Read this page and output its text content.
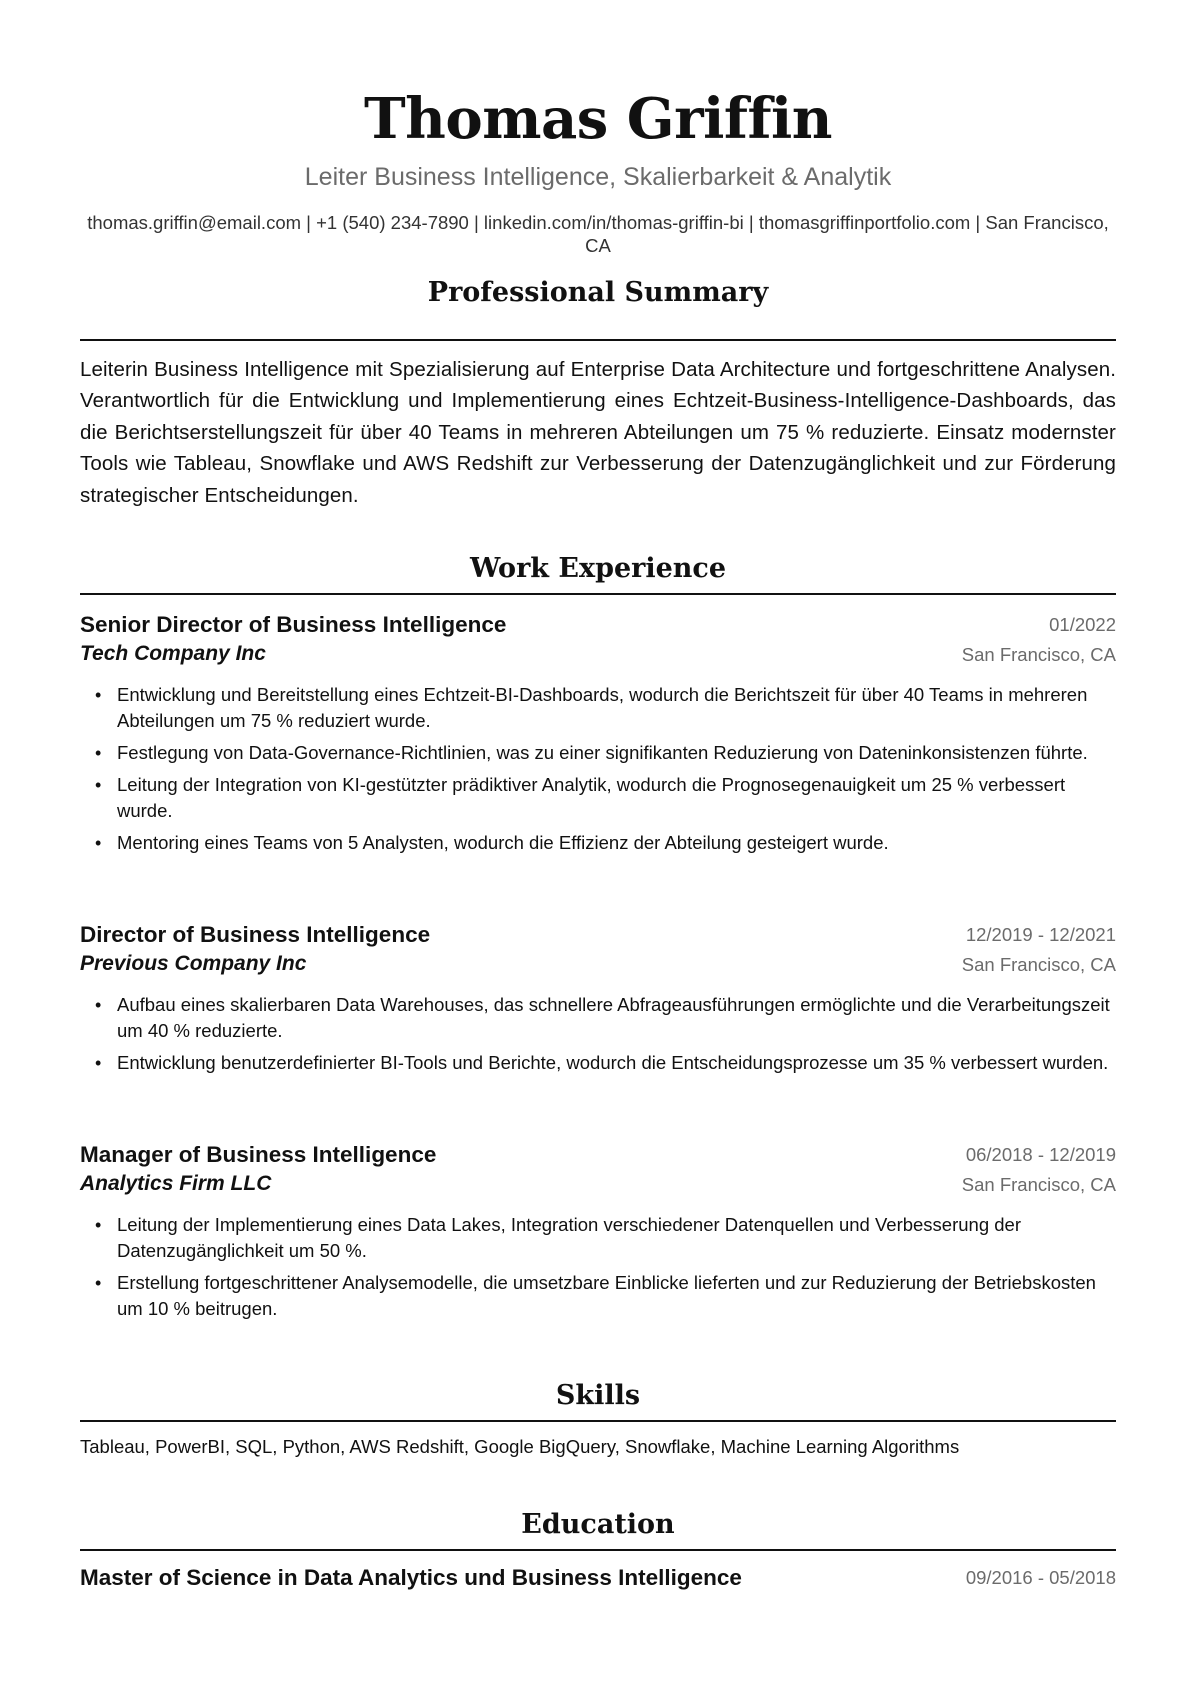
Thomas Griffin
Leiter Business Intelligence, Skalierbarkeit & Analytik
thomas.griffin@email.com | +1 (540) 234-7890 | linkedin.com/in/thomas-griffin-bi | thomasgriffinportfolio.com | San Francisco, CA
Professional Summary
Leiterin Business Intelligence mit Spezialisierung auf Enterprise Data Architecture und fortgeschrittene Analysen. Verantwortlich für die Entwicklung und Implementierung eines Echtzeit-Business-Intelligence-Dashboards, das die Berichtserstellungszeit für über 40 Teams in mehreren Abteilungen um 75 % reduzierte. Einsatz modernster Tools wie Tableau, Snowflake und AWS Redshift zur Verbesserung der Datenzugänglichkeit und zur Förderung strategischer Entscheidungen.
Work Experience
Senior Director of Business Intelligence
Tech Company Inc
01/2022
San Francisco, CA
• Entwicklung und Bereitstellung eines Echtzeit-BI-Dashboards, wodurch die Berichtszeit für über 40 Teams in mehreren Abteilungen um 75 % reduziert wurde.
• Festlegung von Data-Governance-Richtlinien, was zu einer signifikanten Reduzierung von Dateninkonsistenzen führte.
• Leitung der Integration von KI-gestützter prädiktiver Analytik, wodurch die Prognosegenauigkeit um 25 % verbessert wurde.
• Mentoring eines Teams von 5 Analysten, wodurch die Effizienz der Abteilung gesteigert wurde.
Director of Business Intelligence
Previous Company Inc
12/2019 - 12/2021
San Francisco, CA
• Aufbau eines skalierbaren Data Warehouses, das schnellere Abfrageausführungen ermöglichte und die Verarbeitungszeit um 40 % reduzierte.
• Entwicklung benutzerdefinierter BI-Tools und Berichte, wodurch die Entscheidungsprozesse um 35 % verbessert wurden.
Manager of Business Intelligence
Analytics Firm LLC
06/2018 - 12/2019
San Francisco, CA
• Leitung der Implementierung eines Data Lakes, Integration verschiedener Datenquellen und Verbesserung der Datenzugänglichkeit um 50 %.
• Erstellung fortgeschrittener Analysemodelle, die umsetzbare Einblicke lieferten und zur Reduzierung der Betriebskosten um 10 % beitrugen.
Skills
Tableau, PowerBI, SQL, Python, AWS Redshift, Google BigQuery, Snowflake, Machine Learning Algorithms
Education
Master of Science in Data Analytics und Business Intelligence	09/2016 - 05/2018
